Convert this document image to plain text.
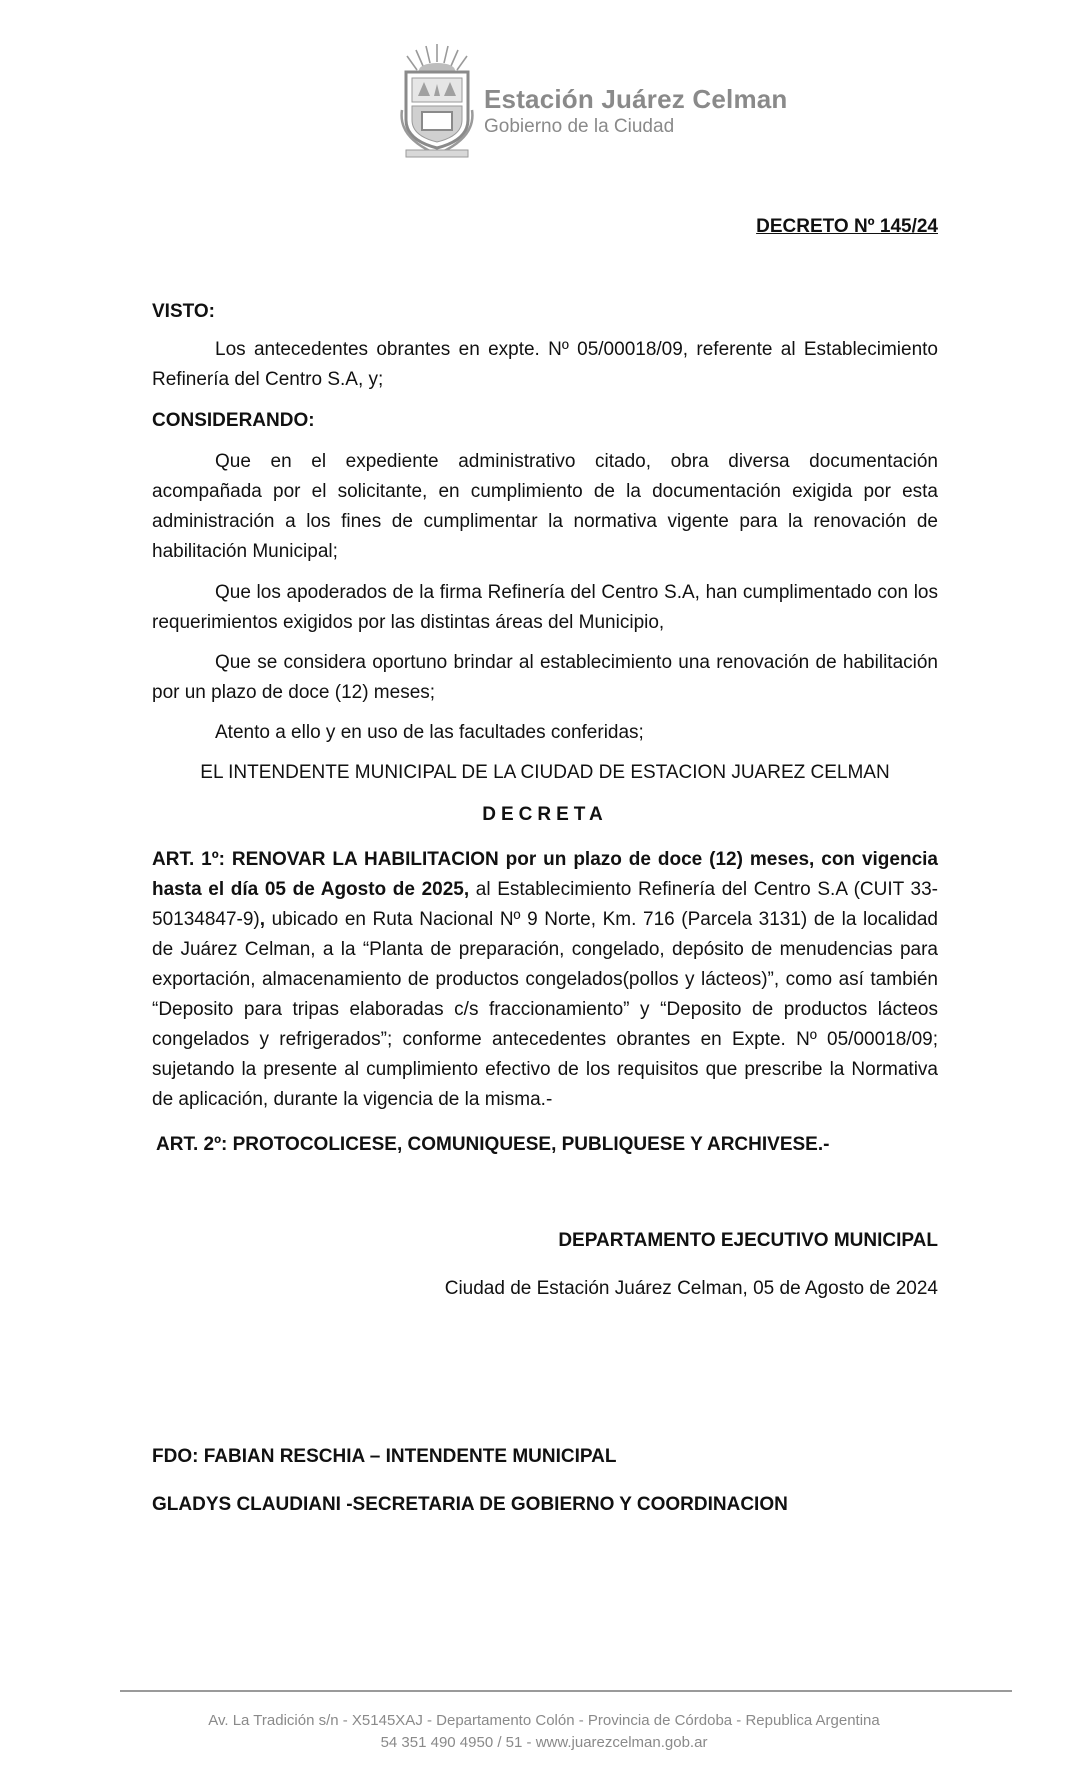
Estación Juárez Celman
Gobierno de la Ciudad
DECRETO Nº 145/24
VISTO:
Los antecedentes obrantes en expte. Nº 05/00018/09, referente al Establecimiento Refinería del Centro S.A, y;
CONSIDERANDO:
Que en el expediente administrativo citado, obra diversa documentación acompañada por el solicitante, en cumplimiento de la documentación exigida por esta administración a los fines de cumplimentar la normativa vigente para la renovación de habilitación Municipal;
Que los apoderados de la firma Refinería del Centro S.A, han cumplimentado con los requerimientos exigidos por las distintas áreas del Municipio,
Que se considera oportuno brindar al establecimiento una renovación de habilitación por un plazo de doce (12) meses;
Atento a ello y en uso de las facultades conferidas;
EL INTENDENTE MUNICIPAL DE LA CIUDAD DE ESTACION JUAREZ CELMAN
DECRETA
ART. 1º: RENOVAR LA HABILITACION por un plazo de doce (12) meses, con vigencia hasta el día 05 de Agosto de 2025, al Establecimiento Refinería del Centro S.A (CUIT 33-50134847-9), ubicado en Ruta Nacional Nº 9 Norte, Km. 716 (Parcela 3131) de la localidad de Juárez Celman, a la “Planta de preparación, congelado, depósito de menudencias para exportación, almacenamiento de productos congelados(pollos y lácteos)”, como así también “Deposito para tripas elaboradas c/s fraccionamiento” y “Deposito de productos lácteos congelados y refrigerados”; conforme antecedentes obrantes en Expte. Nº 05/00018/09; sujetando la presente al cumplimiento efectivo de los requisitos que prescribe la Normativa de aplicación, durante la vigencia de la misma.-
ART. 2º: PROTOCOLICESE, COMUNIQUESE, PUBLIQUESE Y ARCHIVESE.-
DEPARTAMENTO EJECUTIVO MUNICIPAL
Ciudad de Estación Juárez Celman, 05 de Agosto de 2024
FDO: FABIAN RESCHIA – INTENDENTE MUNICIPAL
GLADYS CLAUDIANI -SECRETARIA DE GOBIERNO Y COORDINACION
Av. La Tradición s/n - X5145XAJ - Departamento Colón - Provincia de Córdoba - Republica Argentina
54 351 490 4950 / 51 - www.juarezcelman.gob.ar
